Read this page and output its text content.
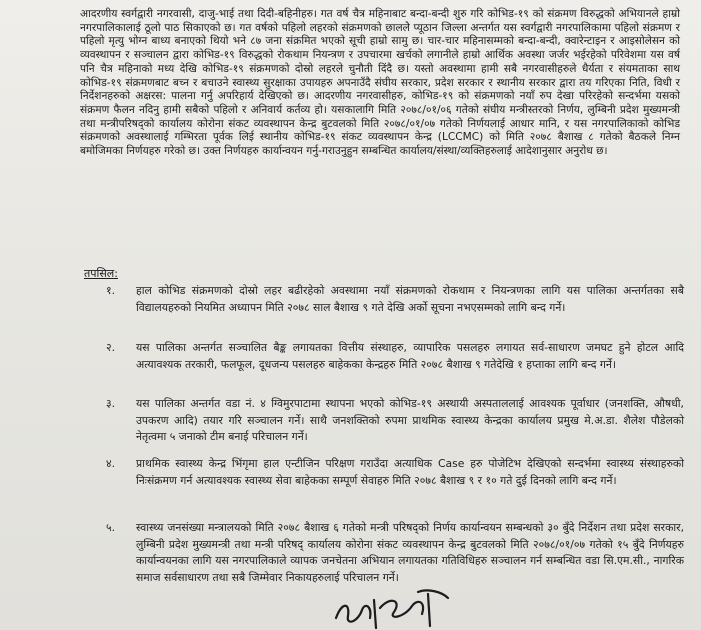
आदरणीय स्वर्गद्वारी नगरवासी, दाजु-भाई तथा दिदी-बहिनीहरु। गत वर्ष चैत्र महिनाबाट बन्दा-बन्दी शुरु गरि कोभिड-१९ को संक्रमण विरुद्धको अभियानले हाम्रो नगरपालिकालाई ठूलो पाठ सिकाएको छ। गत वर्षको पहिलो लहरको संक्रमणको छाललेे प्यूठान जिल्ला अन्तर्गत यस स्वर्गद्वारी नगरपालिकामा पहिलो संक्रमण र पहिलो मृत्यु भोग्न बाध्य बनाएको थियो भने ८७ जना संक्रमित भएको सूची हाम्रो सामु छ। चार-चार महिनासम्मको बन्दा-बन्दी, क्वारेन्टाइन र आइसोलेसन को व्यवस्थापन र सञ्चालन द्वारा कोभिड-१९ विरुद्धको रोकथाम नियन्त्रण र उपचारमा खर्चको लगानीले हाम्रो आर्थिक अवस्था जर्जर भईरहेको परिवेशमा यस वर्ष पनि चैत्र महिनाको मध्य देखि कोभिड-१९ संक्रमणको दोस्रो लहरले चुनौती दिंदै छ। यस्तो अवस्थामा हामी सबै नगरवासीहरुले धैर्यता र संयमताका साथ कोभिड-१९ संक्रमणबाट बच्न र बचाउने स्वास्थ्य सुरक्षाका उपायहरु अपनाउँदै संघीय सरकार, प्रदेश सरकार र स्थानीय सरकार द्वारा तय गरिएका निति, विधी र निर्देशनहरुको अक्षरस: पालना गर्नु अपरिहार्य देखिएको छ। आदरणीय नगरवासीहरु, कोभिड-१९ को संक्रमणको नयाँ रुप देखा परिरहेको सन्दर्भमा यसको संक्रमण फैलन नदिनु हामी सबैको पहिलो र अनिवार्य कर्तव्य हो। यसकालागि मिति २०७८/०१/०६ गतेको संघीय मन्त्रीस्तरको निर्णय, लुम्बिनी प्रदेश मुख्यमन्त्री तथा मन्त्रीपरिषद्को कार्यालय कोरोना संकट व्यवस्थापन केन्द्र बुटवलको मिति २०७८/०१/०७ गतेको निर्णयलाई आधार मानि, र यस नगरपालिकाको कोभिड संक्रमणको अवस्थालाई गम्भिरता पूर्वक लिई स्थानीय कोभिड-१९ संकट व्यवस्थापन केन्द्र (LCCMC) को मिति २०७८ बैशाख ८ गतेको बैठकले निम्न बमोजिमका निर्णयहरु गरेको छ। उक्त निर्णयहरु कार्यान्वयन गर्नु-गराउनुहुन सम्बन्धित कार्यालय/संस्था/व्यक्तिहरुलाई आदेशानुसार अनुरोध छ।
तपसिल:
१. हाल कोभिड संक्रमणको दोस्रो लहर बढीरहेको अवस्थामा नयाँ संक्रमणको रोकथाम र नियन्त्रणका लागि यस पालिका अन्तर्गतका सबै विद्यालयहरुको नियमित अध्यापन मिति २०७८ साल बैशाख ९ गते देखि अर्को सूचना नभएसम्मको लागि बन्द गर्ने।
२. यस पालिका अन्तर्गत सञ्चालित बैङ्क लगायतका वित्तीय संस्थाहरु, व्यापारिक पसलहरु लगायत सर्व-साधारण जमघट हुने होटल आदि अत्यावश्यक तरकारी, फलफूल, दूधजन्य पसलहरु बाहेकका केन्द्रहरु मिति २०७८ बैशाख ९ गतेदेखि १ हप्ताका लागि बन्द गर्ने।
३. यस पालिका अन्तर्गत वडा नं. ४ ग्विमुरपाटामा स्थापना भएको कोभिड-१९ अस्थायी अस्पताललाई आवश्यक पूर्वाधार (जनशक्ति, औषधी, उपकरण आदि) तयार गरि सञ्चालन गर्ने। साथै जनशक्तिको रुपमा प्राथमिक स्वास्थ्य केन्द्रका कार्यालय प्रमुख मे.अ.डा. शैलेश पौडेलको नेतृत्वमा ५ जनाको टीम बनाई परिचालन गर्ने।
४. प्राथमिक स्वास्थ्य केन्द्र भिंगृमा हाल एन्टीजिन परिक्षण गराउँदा अत्याधिक Case हरु पोजेटिभ देखिएको सन्दर्भमा स्वास्थ्य संस्थाहरुको निःसंक्रमण गर्न अत्यावश्यक स्वास्थ्य सेवा बाहेकका सम्पूर्ण सेवाहरु मिति २०७८ बैशाख ९ र १० गते दुई दिनको लागि बन्द गर्ने।
५. स्वास्थ्य जनसंख्या मन्त्रालयको मिति २०७८ बैशाख ६ गतेको मन्त्री परिषद्को निर्णय कार्यान्वयन सम्बन्धको ३० बुँदे निर्देशन तथा प्रदेश सरकार, लुम्बिनी प्रदेश मुख्यमन्त्री तथा मन्त्री परिषद् कार्यालय कोरोना संकट व्यवस्थापन केन्द्र बुटवलको मिति २०७८/०१/०७ गतेको १५ बुँदे निर्णयहरु कार्यान्वयनका लागि यस नगरपालिकाले व्यापक जनचेतना अभियान लगायतका गतिविधिहरु सञ्चालन गर्न सम्बन्धित वडा सि.एम.सी., नागरिक समाज सर्वसाधारण तथा सबै जिम्मेवार निकायहरुलाई परिचालन गर्ने।
